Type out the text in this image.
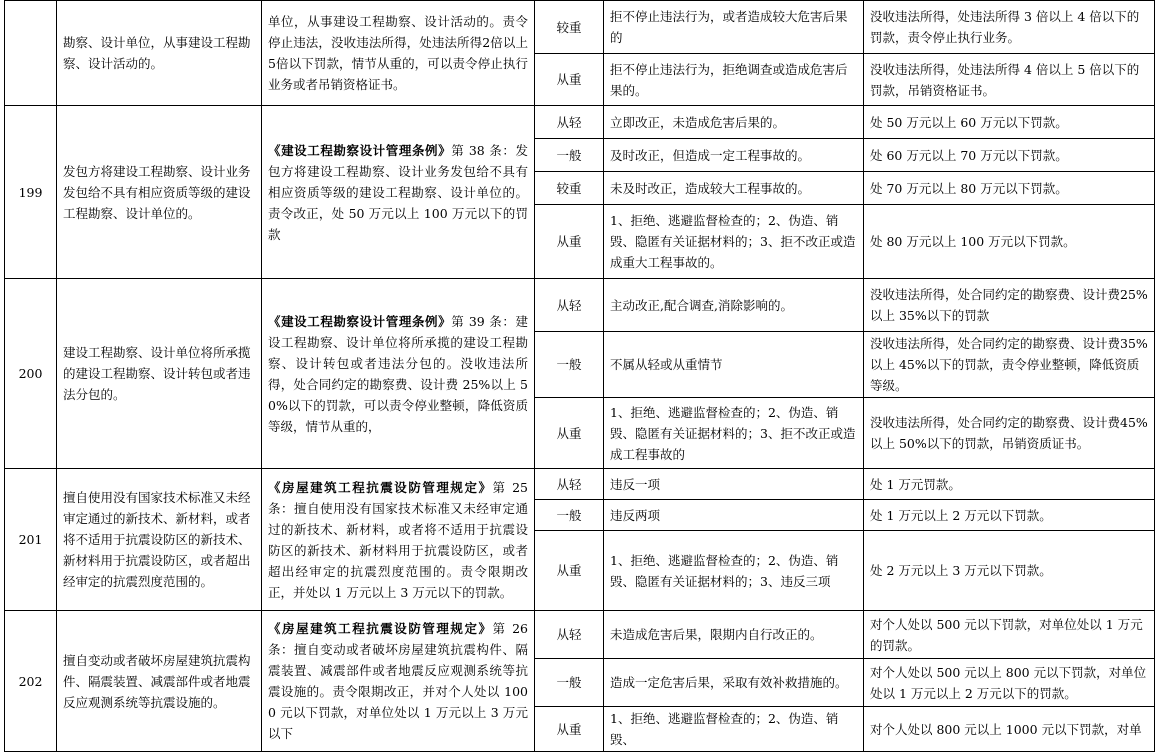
	勘察、设计单位，从事建设工程勘察、设计活动的。	单位，从事建设工程勘察、设计活动的。责令停止违法，没收违法所得，处违法所得2倍以上5倍以下罚款，情节从重的，可以责令停止执行业务或者吊销资格证书。	较重	拒不停止违法行为，或者造成较大危害后果的	没收违法所得，处违法所得 3 倍以上 4 倍以下的罚款，责令停止执行业务。
			从重	拒不停止违法行为，拒绝调查或造成危害后果的。	没收违法所得，处违法所得 4 倍以上 5 倍以下的罚款，吊销资格证书。
199	发包方将建设工程勘察、设计业务发包给不具有相应资质等级的建设工程勘察、设计单位的。	《建设工程勘察设计管理条例》第 38 条：发包方将建设工程勘察、设计业务发包给不具有相应资质等级的建设工程勘察、设计单位的。责令改正，处 50 万元以上 100 万元以下的罚款	从轻	立即改正，未造成危害后果的。	处 50 万元以上 60 万元以下罚款。
			一般	及时改正，但造成一定工程事故的。	处 60 万元以上 70 万元以下罚款。
			较重	未及时改正，造成较大工程事故的。	处 70 万元以上 80 万元以下罚款。
			从重	1、拒绝、逃避监督检查的；2、伪造、销毁、隐匿有关证据材料的；3、拒不改正或造成重大工程事故的。	处 80 万元以上 100 万元以下罚款。
200	建设工程勘察、设计单位将所承揽的建设工程勘察、设计转包或者违法分包的。	《建设工程勘察设计管理条例》第 39 条：建设工程勘察、设计单位将所承揽的建设工程勘察、设计转包或者违法分包的。没收违法所得，处合同约定的勘察费、设计费 25%以上 50%以下的罚款，可以责令停业整顿，降低资质等级，情节从重的，	从轻	主动改正,配合调查,消除影响的。	没收违法所得，处合同约定的勘察费、设计费25%以上 35%以下的罚款
			一般	不属从轻或从重情节	没收违法所得，处合同约定的勘察费、设计费35%以上 45%以下的罚款，责令停业整顿，降低资质等级。
			从重	1、拒绝、逃避监督检查的；2、伪造、销毁、隐匿有关证据材料的；3、拒不改正或造成工程事故的	没收违法所得，处合同约定的勘察费、设计费45%以上 50%以下的罚款，吊销资质证书。
201	擅自使用没有国家技术标准又未经审定通过的新技术、新材料，或者将不适用于抗震设防区的新技术、新材料用于抗震设防区，或者超出经审定的抗震烈度范围的。	《房屋建筑工程抗震设防管理规定》第 25 条：擅自使用没有国家技术标准又未经审定通过的新技术、新材料，或者将不适用于抗震设防区的新技术、新材料用于抗震设防区，或者超出经审定的抗震烈度范围的。责令限期改正，并处以 1 万元以上 3 万元以下的罚款。	从轻	违反一项	处 1 万元罚款。
			一般	违反两项	处 1 万元以上 2 万元以下罚款。
			从重	1、拒绝、逃避监督检查的；2、伪造、销毁、隐匿有关证据材料的；3、违反三项	处 2 万元以上 3 万元以下罚款。
202	擅自变动或者破坏房屋建筑抗震构件、隔震装置、减震部件或者地震反应观测系统等抗震设施的。	《房屋建筑工程抗震设防管理规定》第 26 条：擅自变动或者破坏房屋建筑抗震构件、隔震装置、减震部件或者地震反应观测系统等抗震设施的。责令限期改正，并对个人处以 1000 元以下罚款，对单位处以 1 万元以上 3 万元以下	从轻	未造成危害后果，限期内自行改正的。	对个人处以 500 元以下罚款，对单位处以 1 万元的罚款。
			一般	造成一定危害后果，采取有效补救措施的。	对个人处以 500 元以上 800 元以下罚款，对单位处以 1 万元以上 2 万元以下的罚款。
			从重	1、拒绝、逃避监督检查的；2、伪造、销毁、	对个人处以 800 元以上 1000 元以下罚款，对单
